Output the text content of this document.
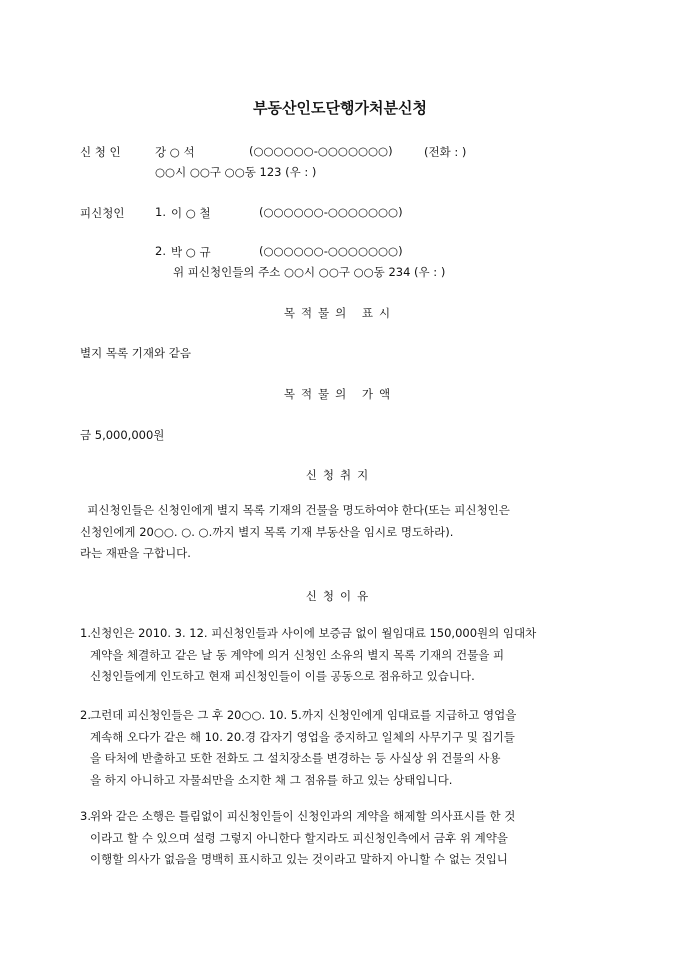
부동산인도단행가처분신청
신 청 인	강 ○ 석	(○○○○○○-○○○○○○○)	(전화 : )
○○시 ○○구 ○○동 123 (우 : )
피신청인	1. 이 ○ 철	(○○○○○○-○○○○○○○)
2. 박 ○ 규	(○○○○○○-○○○○○○○)
위 피신청인들의 주소 ○○시 ○○구 ○○동 234 (우 : )
목적물의 표시
별지 목록 기재와 같음
목적물의 가액
금 5,000,000원
신청취지
피신청인들은 신청인에게 별지 목록 기재의 건물을 명도하여야 한다(또는 피신청인은
신청인에게 20○○. ○. ○.까지 별지 목록 기재 부동산을 임시로 명도하라).
라는 재판을 구합니다.
신청이유
1. 신청인은 2010. 3. 12. 피신청인들과 사이에 보증금 없이 월임대료 150,000원의 임대차
계약을 체결하고 같은 날 동 계약에 의거 신청인 소유의 별지 목록 기재의 건물을 피
신청인들에게 인도하고 현재 피신청인들이 이를 공동으로 점유하고 있습니다.
2. 그런데 피신청인들은 그 후 20○○. 10. 5.까지 신청인에게 임대료를 지급하고 영업을
계속해 오다가 같은 해 10. 20.경 갑자기 영업을 중지하고 일체의 사무기구 및 집기들
을 타처에 반출하고 또한 전화도 그 설치장소를 변경하는 등 사실상 위 건물의 사용
을 하지 아니하고 자물쇠만을 소지한 채 그 점유를 하고 있는 상태입니다.
3. 위와 같은 소행은 틀림없이 피신청인들이 신청인과의 계약을 해제할 의사표시를 한 것
이라고 할 수 있으며 설령 그렇지 아니한다 할지라도 피신청인측에서 금후 위 계약을
이행할 의사가 없음을 명백히 표시하고 있는 것이라고 말하지 아니할 수 없는 것입니
